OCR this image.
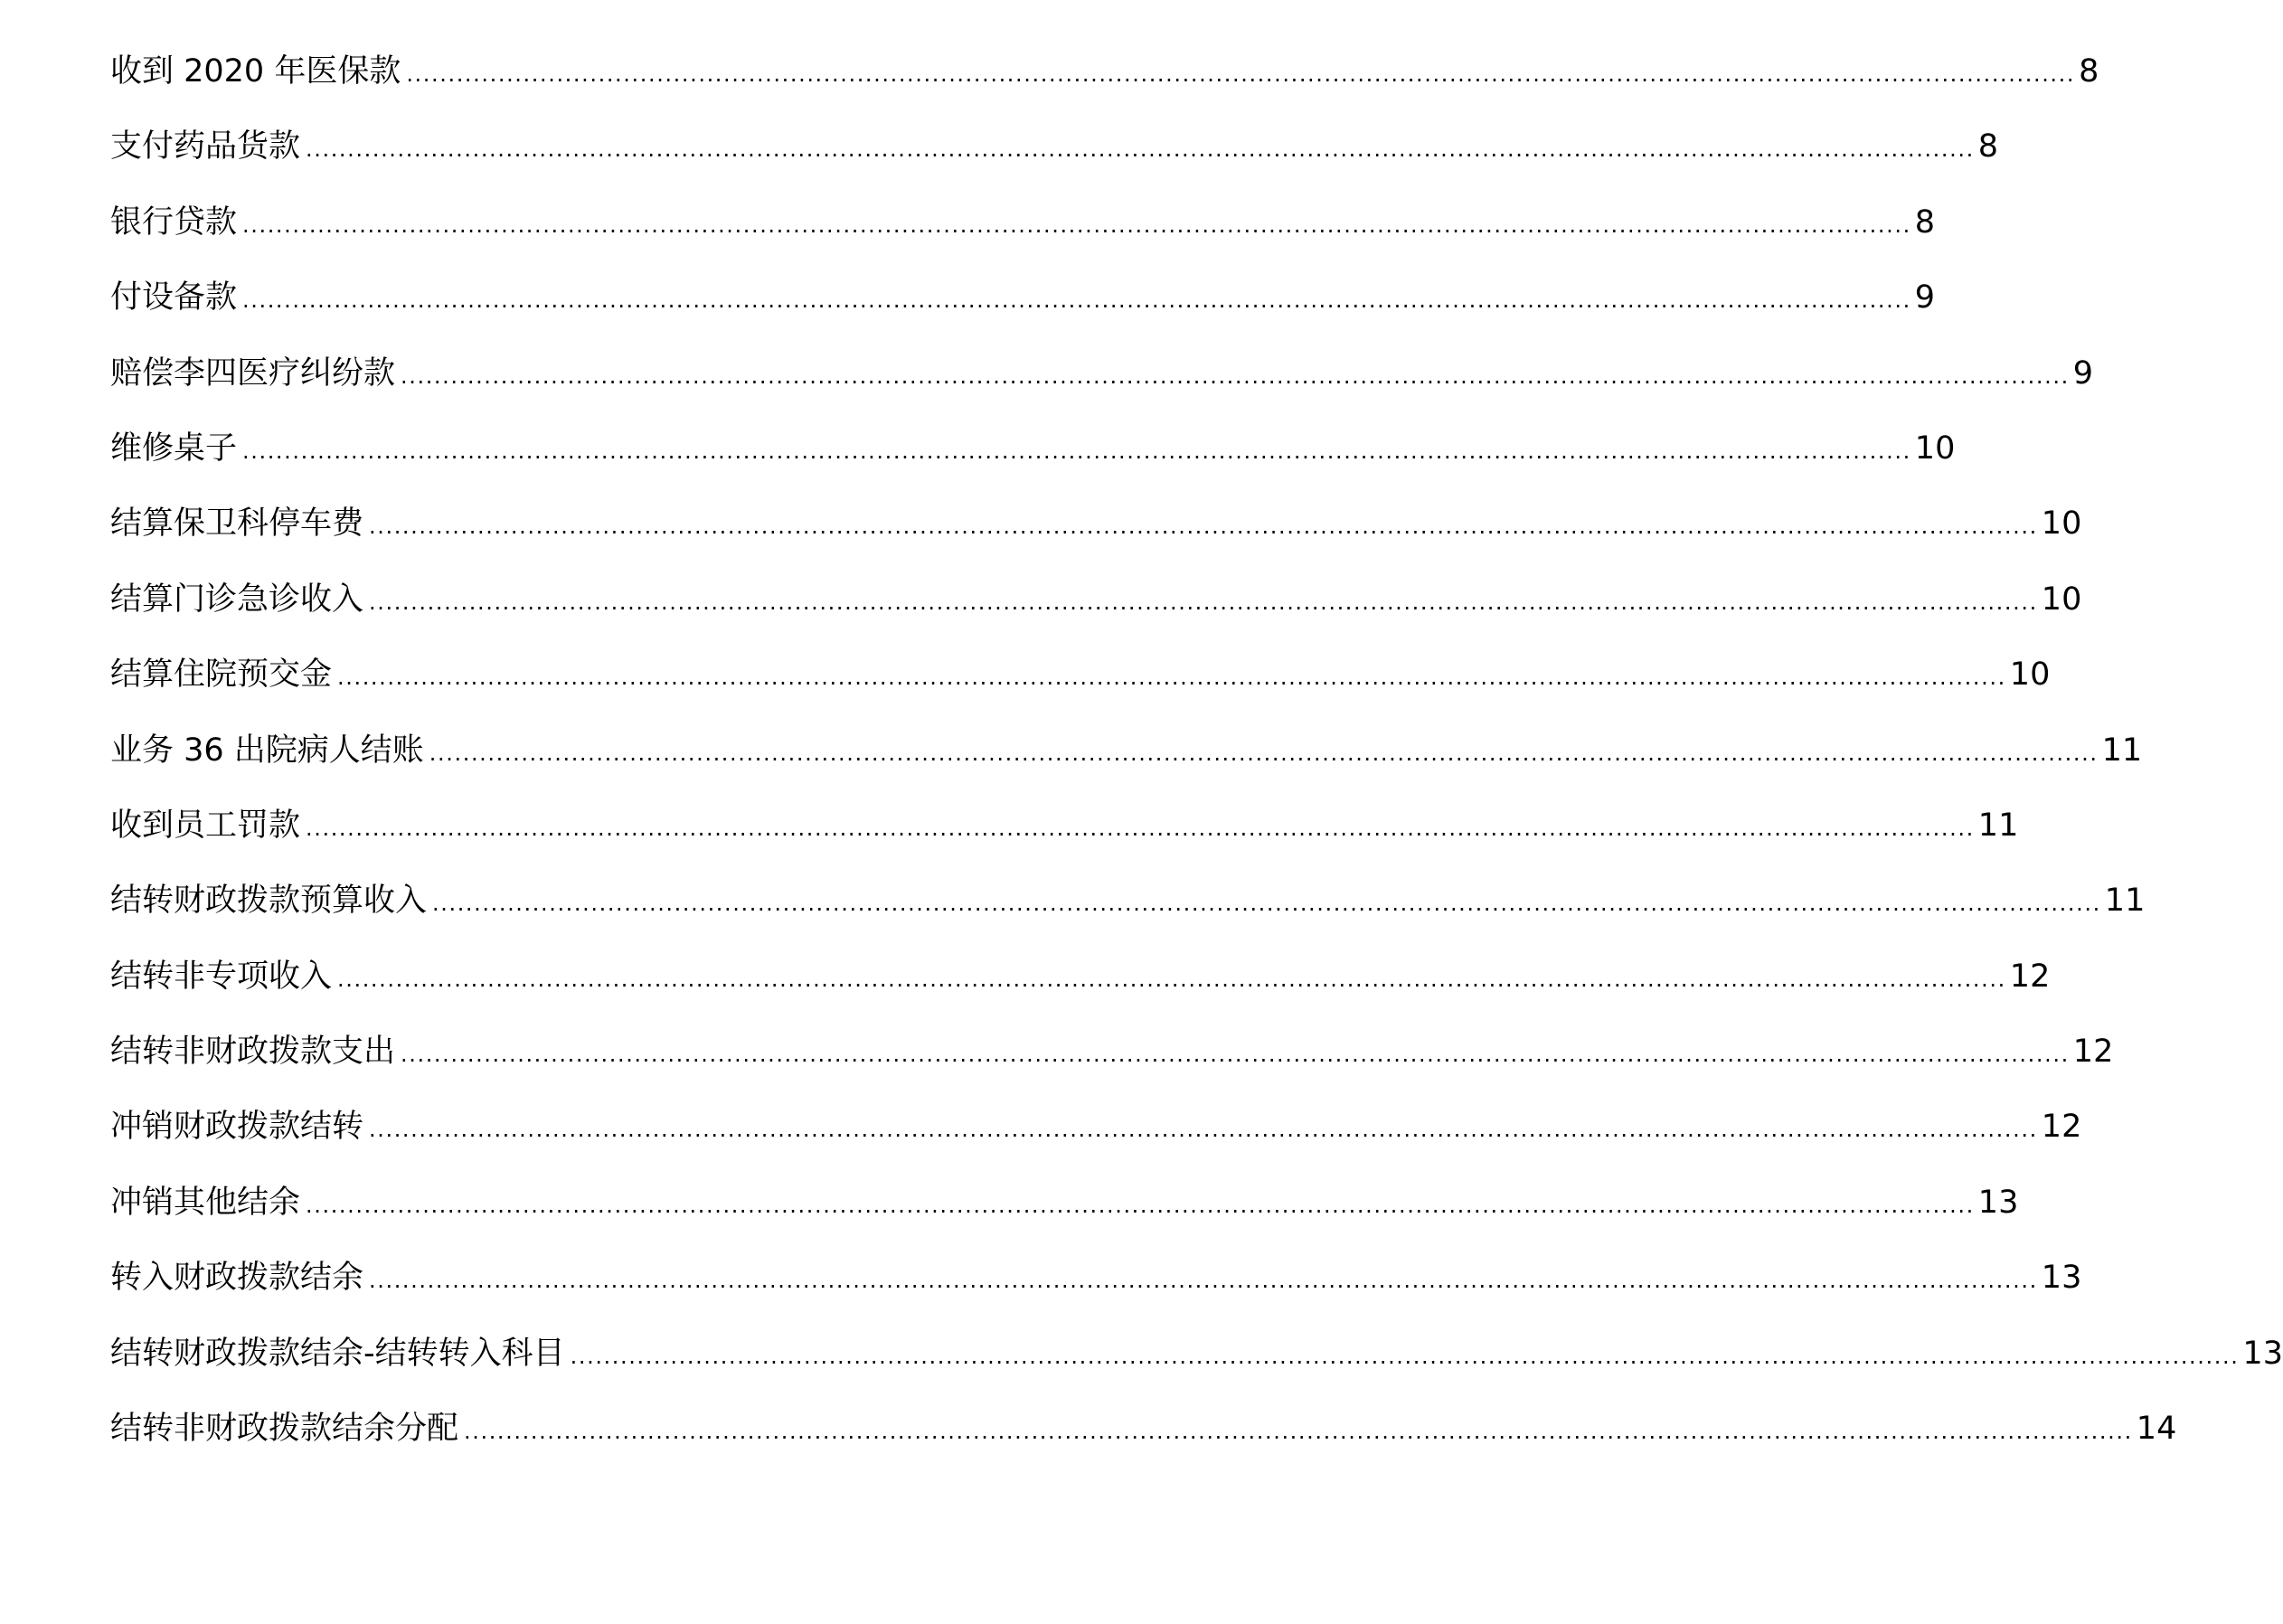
收到 2020 年医保款 ........................................................................................................................................................................................................ 8
支付药品货款 ........................................................................................................................................................................................................ 8
银行贷款 ........................................................................................................................................................................................................ 8
付设备款 ........................................................................................................................................................................................................ 9
赔偿李四医疗纠纷款 ........................................................................................................................................................................................................ 9
维修桌子 ........................................................................................................................................................................................................ 10
结算保卫科停车费 ........................................................................................................................................................................................................ 10
结算门诊急诊收入 ........................................................................................................................................................................................................ 10
结算住院预交金 ........................................................................................................................................................................................................ 10
业务 36 出院病人结账 ........................................................................................................................................................................................................ 11
收到员工罚款 ........................................................................................................................................................................................................ 11
结转财政拨款预算收入 ........................................................................................................................................................................................................ 11
结转非专项收入 ........................................................................................................................................................................................................ 12
结转非财政拨款支出 ........................................................................................................................................................................................................ 12
冲销财政拨款结转 ........................................................................................................................................................................................................ 12
冲销其他结余 ........................................................................................................................................................................................................ 13
转入财政拨款结余 ........................................................................................................................................................................................................ 13
结转财政拨款结余-结转转入科目 ........................................................................................................................................................................................................ 13
结转非财政拨款结余分配 ........................................................................................................................................................................................................ 14
